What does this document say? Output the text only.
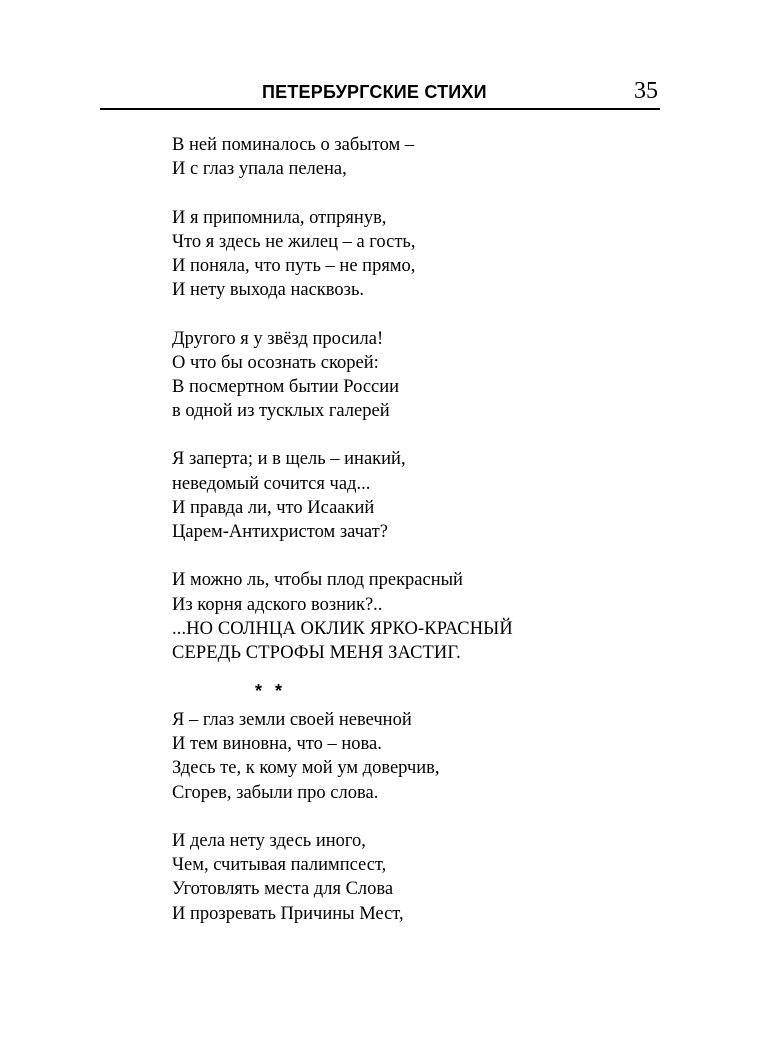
ПЕТЕРБУРГСКИЕ СТИХИ	35
В ней поминалось о забытом –
И с глаз упала пелена,
И я припомнила, отпрянув,
Что я здесь не жилец – а гость,
И поняла, что путь – не прямо,
И нету выхода насквозь.
Другого я у звёзд просила!
О что бы осознать скорей:
В посмертном бытии России
в одной из тусклых галерей
Я заперта; и в щель – инакий,
неведомый сочится чад...
И правда ли, что Исаакий
Царем-Антихристом зачат?
И можно ль, чтобы плод прекрасный
Из корня адского возник?..
...НО СОЛНЦА ОКЛИК ЯРКО-КРАСНЫЙ
СЕРЕДЬ СТРОФЫ МЕНЯ ЗАСТИГ.
* *
Я – глаз земли своей невечной
И тем виновна, что – нова.
Здесь те, к кому мой ум доверчив,
Сгорев, забыли про слова.
И дела нету здесь иного,
Чем, считывая палимпсест,
Уготовлять места для Слова
И прозревать Причины Мест,
